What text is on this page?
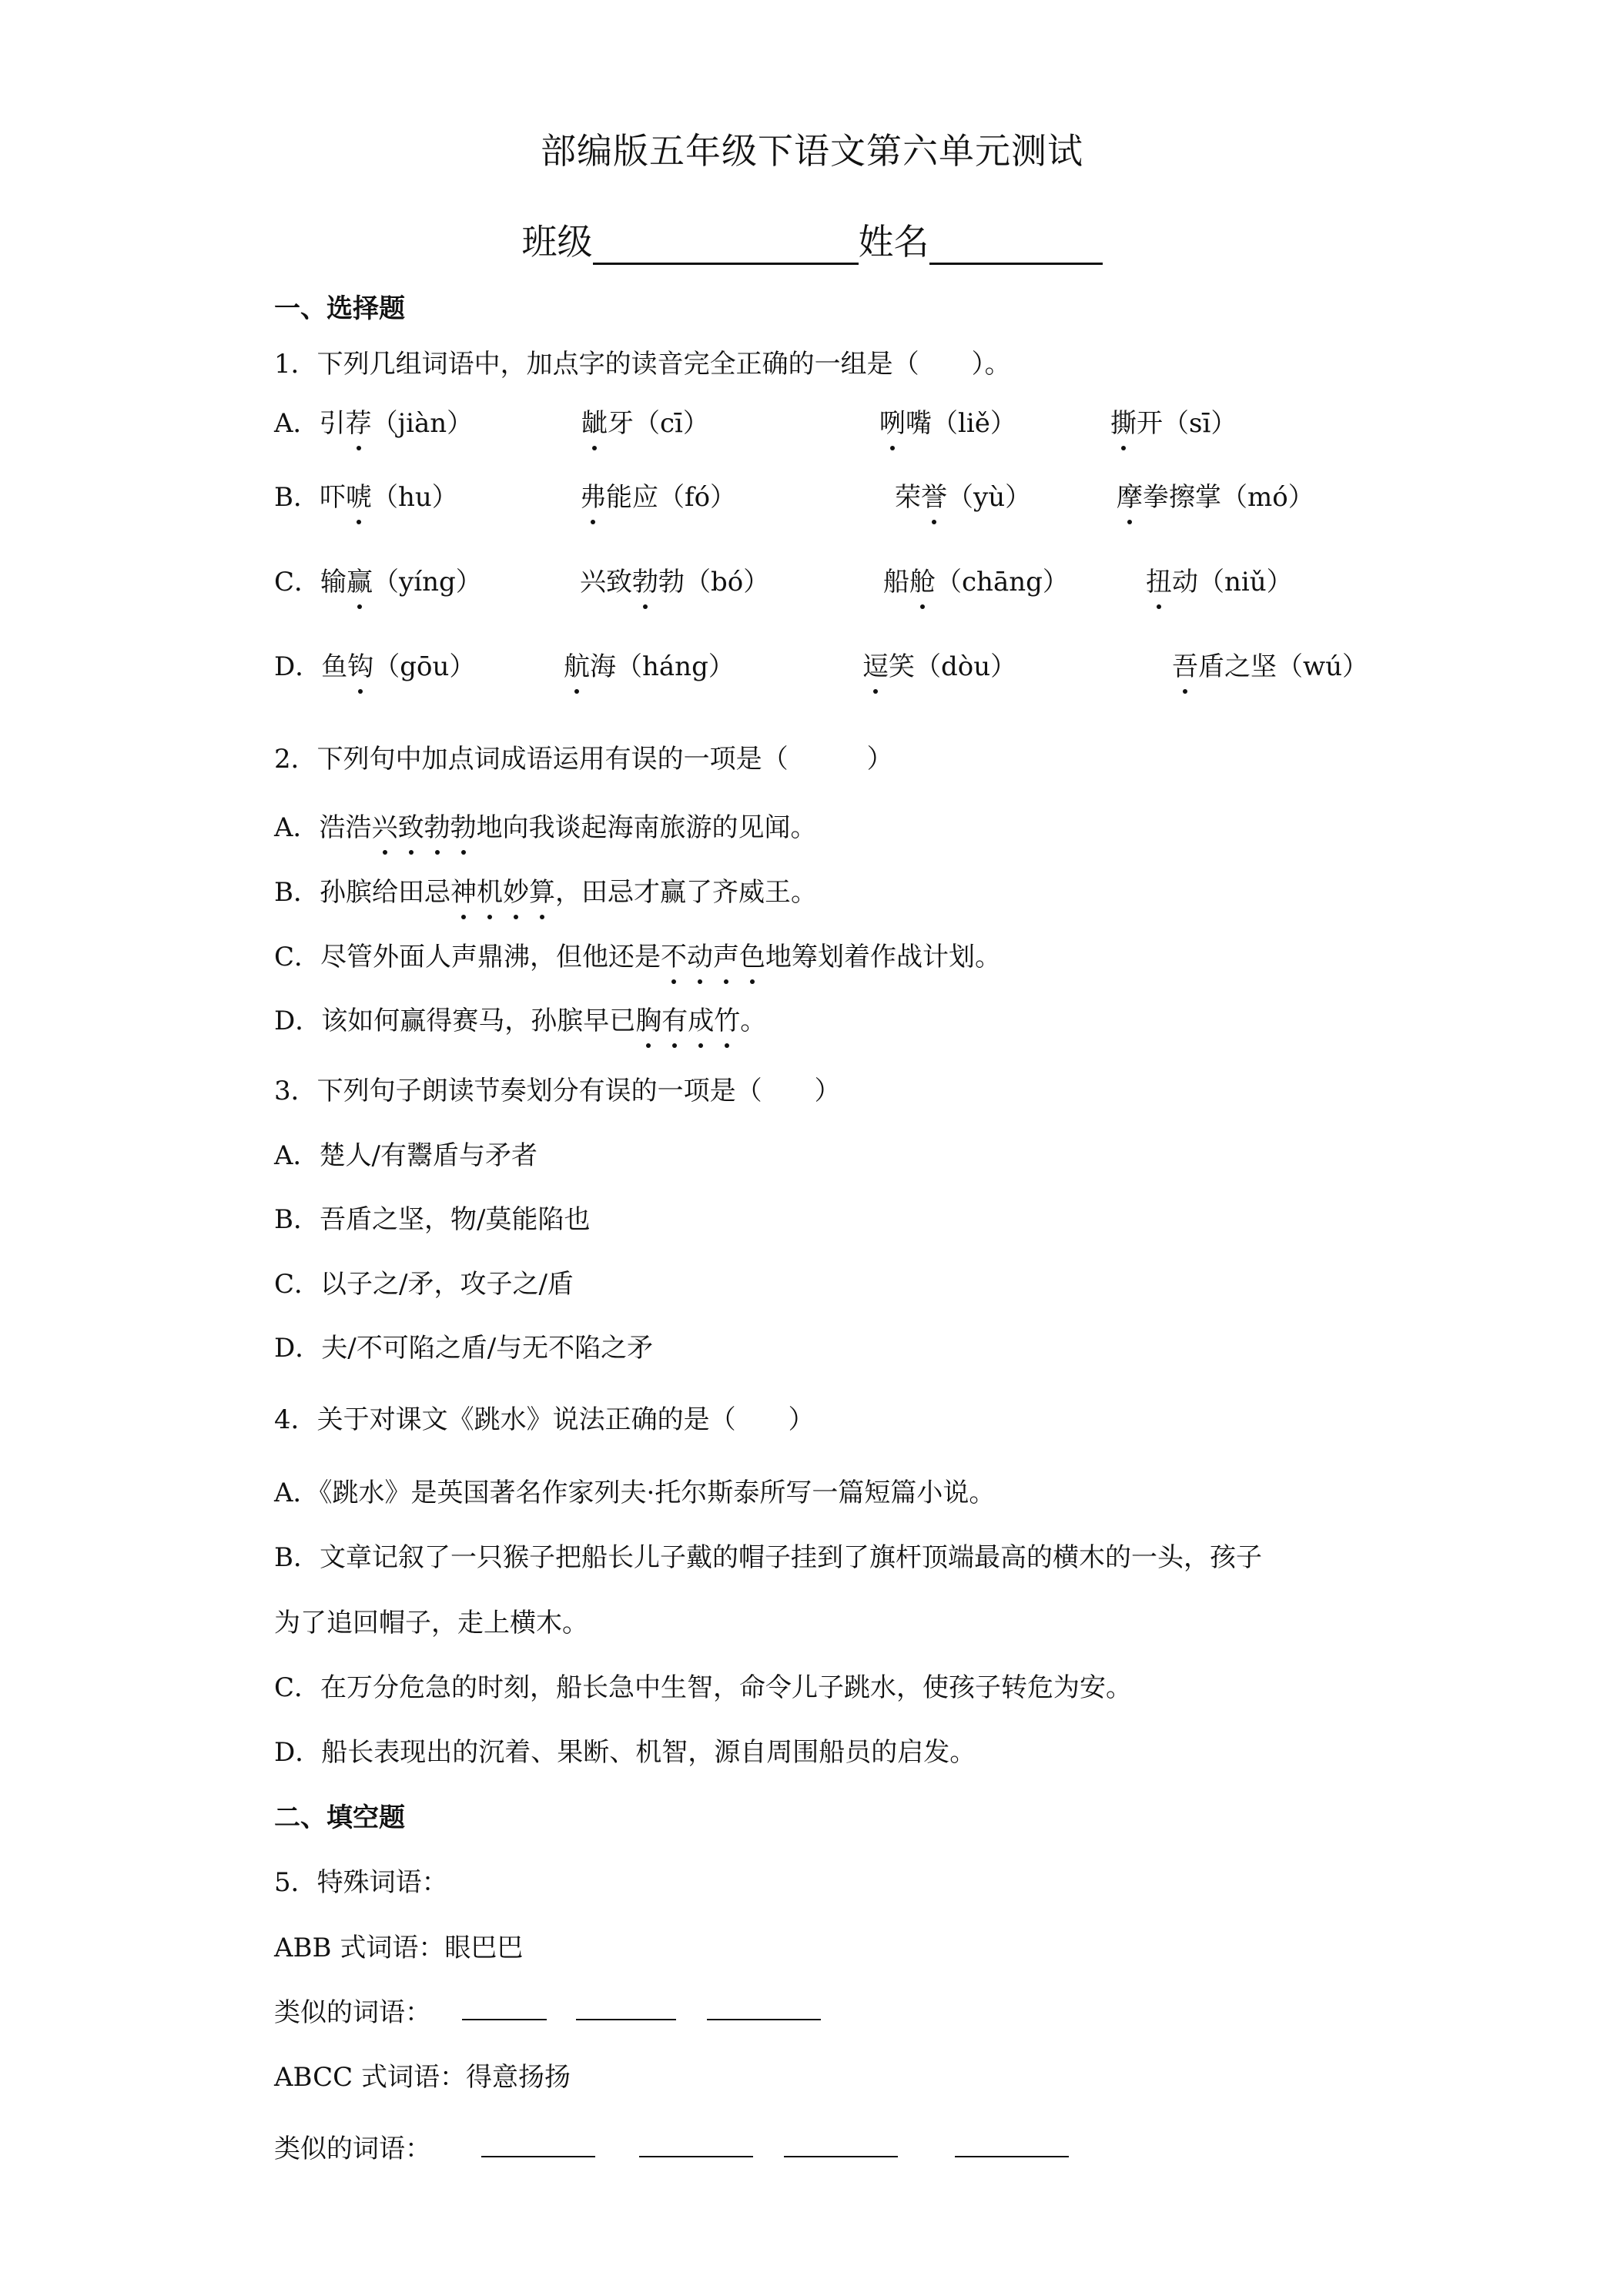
部编版五年级下语文第六单元测试
班级	姓名
一、选择题
1．下列几组词语中，加点字的读音完全正确的一组是（　　）。
A．引荐（jiàn）	龇牙（cī）	咧嘴（liě）	撕开（sī）
B．吓唬（hu）	弗能应（fó）	荣誉（yù）	摩拳擦掌（mó）
C．输赢（yíng）	兴致勃勃（bó）	船舱（chāng）	扭动（niǔ）
D．鱼钩（gōu）	航海（háng）	逗笑（dòu）	吾盾之坚（wú）
2．下列句中加点词成语运用有误的一项是（　　　）
A．浩浩兴致勃勃地向我谈起海南旅游的见闻。
B．孙膑给田忌神机妙算，田忌才赢了齐威王。
C．尽管外面人声鼎沸，但他还是不动声色地筹划着作战计划。
D．该如何赢得赛马，孙膑早已胸有成竹。
3．下列句子朗读节奏划分有误的一项是（　　）
A．楚人/有鬻盾与矛者
B．吾盾之坚，物/莫能陷也
C．以子之/矛，攻子之/盾
D．夫/不可陷之盾/与无不陷之矛
4．关于对课文《跳水》说法正确的是（　　）
A．《跳水》是英国著名作家列夫·托尔斯泰所写一篇短篇小说。
B．文章记叙了一只猴子把船长儿子戴的帽子挂到了旗杆顶端最高的横木的一头，孩子
为了追回帽子，走上横木。
C．在万分危急的时刻，船长急中生智，命令儿子跳水，使孩子转危为安。
D．船长表现出的沉着、果断、机智，源自周围船员的启发。
二、填空题
5．特殊词语：
ABB 式词语：眼巴巴
类似的词语：
ABCC 式词语：得意扬扬
类似的词语：
